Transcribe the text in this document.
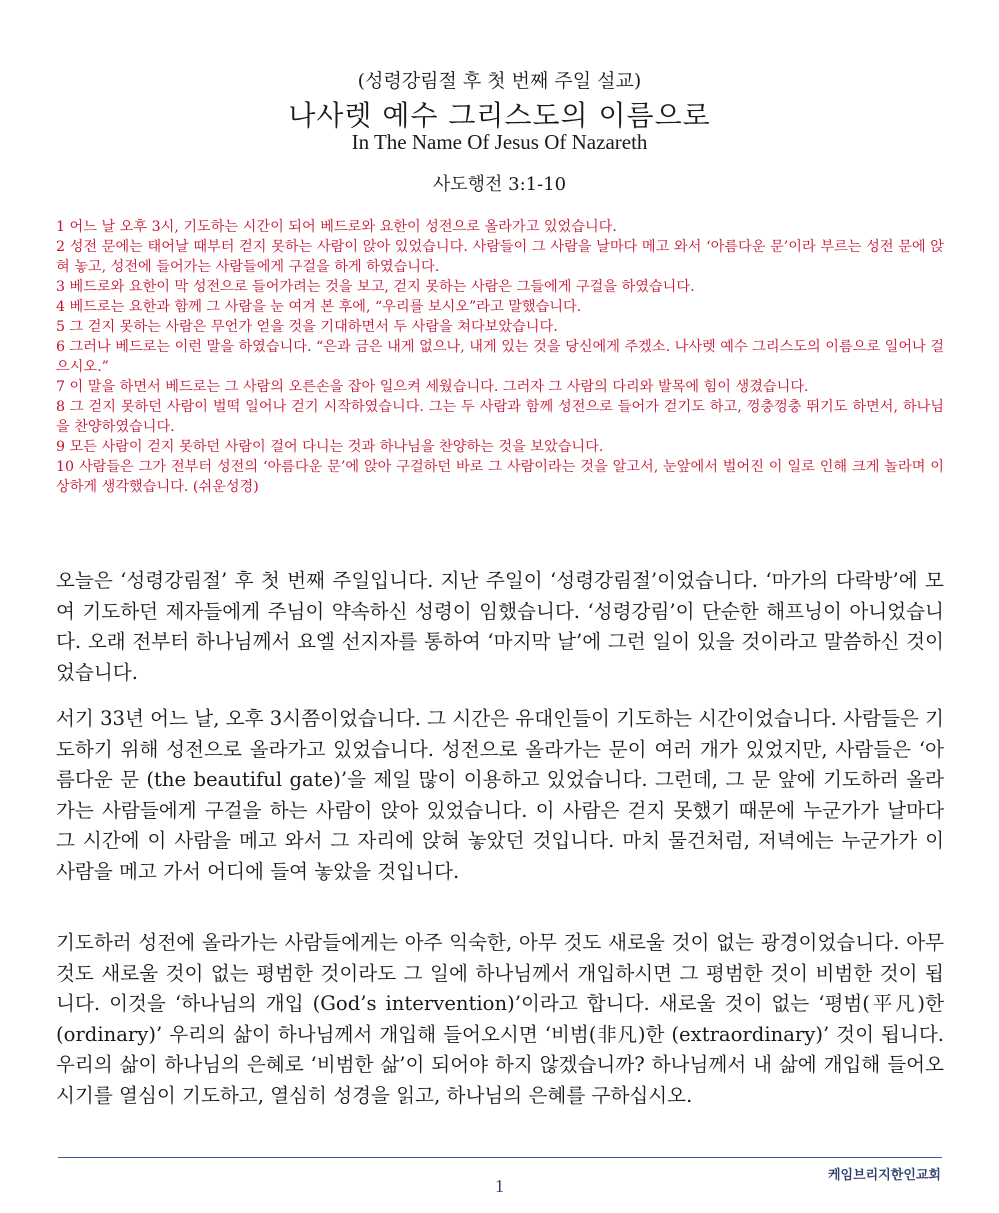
(성령강림절 후 첫 번째 주일 설교)
나사렛 예수 그리스도의 이름으로
In The Name Of Jesus Of Nazareth
사도행전 3:1-10

1 어느 날 오후 3시, 기도하는 시간이 되어 베드로와 요한이 성전으로 올라가고 있었습니다.

2 성전 문에는 태어날 때부터 걷지 못하는 사람이 앉아 있었습니다. 사람들이 그 사람을 날마다 메고 와서 ‘아름다운 문’이라 부르는 성전 문에 앉혀 놓고, 성전에 들어가는 사람들에게 구걸을 하게 하였습니다.

3 베드로와 요한이 막 성전으로 들어가려는 것을 보고, 걷지 못하는 사람은 그들에게 구걸을 하였습니다.

4 베드로는 요한과 함께 그 사람을 눈 여겨 본 후에, “우리를 보시오”라고 말했습니다.

5 그 걷지 못하는 사람은 무언가 얻을 것을 기대하면서 두 사람을 쳐다보았습니다.

6 그러나 베드로는 이런 말을 하였습니다. “은과 금은 내게 없으나, 내게 있는 것을 당신에게 주겠소. 나사렛 예수 그리스도의 이름으로 일어나 걸으시오.”

7 이 말을 하면서 베드로는 그 사람의 오른손을 잡아 일으켜 세웠습니다. 그러자 그 사람의 다리와 발목에 힘이 생겼습니다.

8 그 걷지 못하던 사람이 벌떡 일어나 걷기 시작하였습니다. 그는 두 사람과 함께 성전으로 들어가 걷기도 하고, 껑충껑충 뛰기도 하면서, 하나님을 찬양하였습니다.

9 모든 사람이 걷지 못하던 사람이 걸어 다니는 것과 하나님을 찬양하는 것을 보았습니다.

10 사람들은 그가 전부터 성전의 ‘아름다운 문’에 앉아 구걸하던 바로 그 사람이라는 것을 알고서, 눈앞에서 벌어진 이 일로 인해 크게 놀라며 이상하게 생각했습니다. (쉬운성경)

오늘은 ‘성령강림절’ 후 첫 번째 주일입니다. 지난 주일이 ‘성령강림절’이었습니다. ‘마가의 다락방’에 모여 기도하던 제자들에게 주님이 약속하신 성령이 임했습니다. ‘성령강림’이 단순한 해프닝이 아니었습니다. 오래 전부터 하나님께서 요엘 선지자를 통하여 ‘마지막 날’에 그런 일이 있을 것이라고 말씀하신 것이었습니다.

서기 33년 어느 날, 오후 3시쯤이었습니다. 그 시간은 유대인들이 기도하는 시간이었습니다. 사람들은 기도하기 위해 성전으로 올라가고 있었습니다. 성전으로 올라가는 문이 여러 개가 있었지만, 사람들은 ‘아름다운 문 (the beautiful gate)’을 제일 많이 이용하고 있었습니다. 그런데, 그 문 앞에 기도하러 올라가는 사람들에게 구걸을 하는 사람이 앉아 있었습니다. 이 사람은 걷지 못했기 때문에 누군가가 날마다 그 시간에 이 사람을 메고 와서 그 자리에 앉혀 놓았던 것입니다. 마치 물건처럼, 저녁에는 누군가가 이 사람을 메고 가서 어디에 들여 놓았을 것입니다.

기도하러 성전에 올라가는 사람들에게는 아주 익숙한, 아무 것도 새로울 것이 없는 광경이었습니다. 아무 것도 새로울 것이 없는 평범한 것이라도 그 일에 하나님께서 개입하시면 그 평범한 것이 비범한 것이 됩니다. 이것을 ‘하나님의 개입 (God’s intervention)’이라고 합니다. 새로울 것이 없는 ‘평범(平凡)한 (ordinary)’ 우리의 삶이 하나님께서 개입해 들어오시면 ‘비범(非凡)한 (extraordinary)’ 것이 됩니다. 우리의 삶이 하나님의 은혜로 ‘비범한 삶’이 되어야 하지 않겠습니까? 하나님께서 내 삶에 개입해 들어오시기를 열심이 기도하고, 열심히 성경을 읽고, 하나님의 은혜를 구하십시오.

케임브리지한인교회
1
